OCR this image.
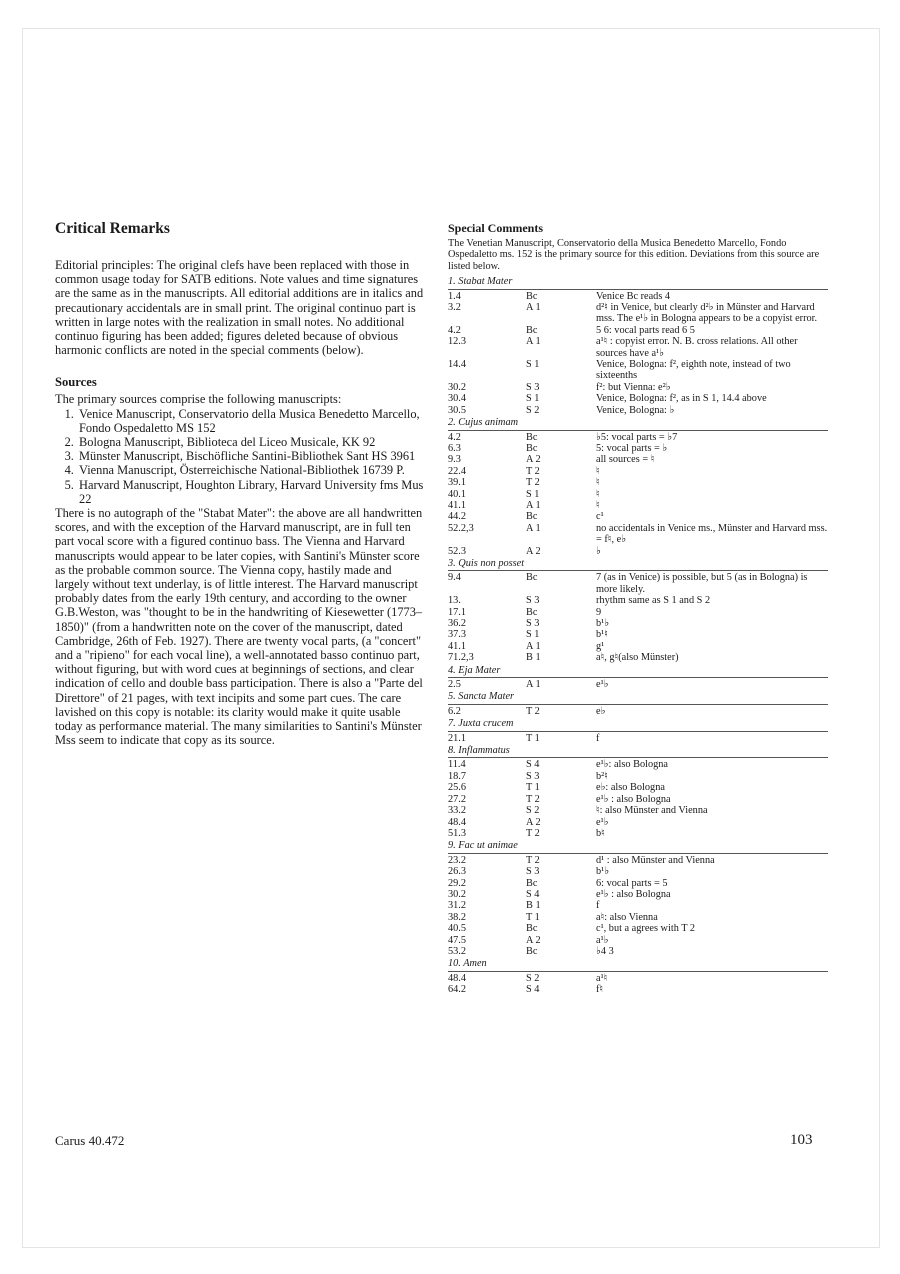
Critical Remarks

Editorial principles: The original clefs have been replaced with those in common usage today for SATB editions. Note values and time signatures are the same as in the manuscripts. All editorial additions are in italics and precautionary accidentals are in small print. The original continuo part is written in large notes with the realization in small notes. No additional continuo figuring has been added; figures deleted because of obvious harmonic conflicts are noted in the special comments (below).

Sources

The primary sources comprise the following manuscripts:

1. Venice Manuscript, Conservatorio della Musica Benedetto Marcello, Fondo Ospedaletto MS 152
2. Bologna Manuscript, Biblioteca del Liceo Musicale, KK 92
3. Münster Manuscript, Bischöfliche Santini-Bibliothek Sant HS 3961
4. Vienna Manuscript, Österreichische National-Bibliothek 16739 P.
5. Harvard Manuscript, Houghton Library, Harvard University fms Mus 22

There is no autograph of the "Stabat Mater": the above are all handwritten scores, and with the exception of the Harvard manuscript, are in full ten part vocal score with a figured continuo bass. The Vienna and Harvard manuscripts would appear to be later copies, with Santini's Münster score as the probable common source. The Vienna copy, hastily made and largely without text underlay, is of little interest. The Harvard manuscript probably dates from the early 19th century, and according to the owner G.B.Weston, was "thought to be in the handwriting of Kiesewetter (1773–1850)" (from a handwritten note on the cover of the manuscript, dated Cambridge, 26th of Feb. 1927). There are twenty vocal parts, (a "concert" and a "ripieno" for each vocal line), a well-annotated basso continuo part, without figuring, but with word cues at beginnings of sections, and clear indication of cello and double bass participation. There is also a "Parte del Direttore" of 21 pages, with text incipits and some part cues. The care lavished on this copy is notable: its clarity would make it quite usable today as performance material. The many similarities to Santini's Münster Mss seem to indicate that copy as its source.

Special Comments

The Venetian Manuscript, Conservatorio della Musica Benedetto Marcello, Fondo Ospedaletto ms. 152 is the primary source for this edition. Deviations from this source are listed below.

1. Stabat Mater
1.4	Bc	Venice Bc reads 4
3.2	A 1	d²♮ in Venice, but clearly d²♭ in Münster and Harvard mss. The e¹♭ in Bologna appears to be a copyist error.
4.2	Bc	5 6: vocal parts read 6 5
12.3	A 1	a¹♮ : copyist error. N. B. cross relations. All other sources have a¹♭
14.4	S 1	Venice, Bologna: f², eighth note, instead of two sixteenths
30.2	S 3	f²: but Vienna: e²♭
30.4	S 1	Venice, Bologna: f², as in S 1, 14.4 above
30.5	S 2	Venice, Bologna: ♭
2. Cujus animam
4.2	Bc	♭5: vocal parts = ♭7
6.3	Bc	5: vocal parts = ♭
9.3	A 2	all sources = ♮
22.4	T 2	♮
39.1	T 2	♮
40.1	S 1	♮
41.1	A 1	♮
44.2	Bc	c¹
52.2,3	A 1	no accidentals in Venice ms., Münster and Harvard mss. = f♮, e♭
52.3	A 2	♭
3. Quis non posset
9.4	Bc	7 (as in Venice) is possible, but 5 (as in Bologna) is more likely.
13.	S 3	rhythm same as S 1 and S 2
17.1	Bc	9
36.2	S 3	b¹♭
37.3	S 1	b¹♮
41.1	A 1	g¹
71.2,3	B 1	a♮, g♮(also Münster)
4. Eja Mater
2.5	A 1	e¹♭
5. Sancta Mater
6.2	T 2	e♭
7. Juxta crucem
21.1	T 1	f
8. Inflammatus
11.4	S 4	e¹♭: also Bologna
18.7	S 3	b²♮
25.6	T 1	e♭: also Bologna
27.2	T 2	e¹♭ : also Bologna
33.2	S 2	♮: also Münster and Vienna
48.4	A 2	e¹♭
51.3	T 2	b♮
9. Fac ut animae
23.2	T 2	d¹ : also Münster and Vienna
26.3	S 3	b¹♭
29.2	Bc	6: vocal parts = 5
30.2	S 4	e¹♭ : also Bologna
31.2	B 1	f
38.2	T 1	a♮: also Vienna
40.5	Bc	c¹, but a agrees with T 2
47.5	A 2	a¹♭
53.2	Bc	♭4 3
10. Amen
48.4	S 2	a¹♮
64.2	S 4	f♮
Carus 40.472	103
